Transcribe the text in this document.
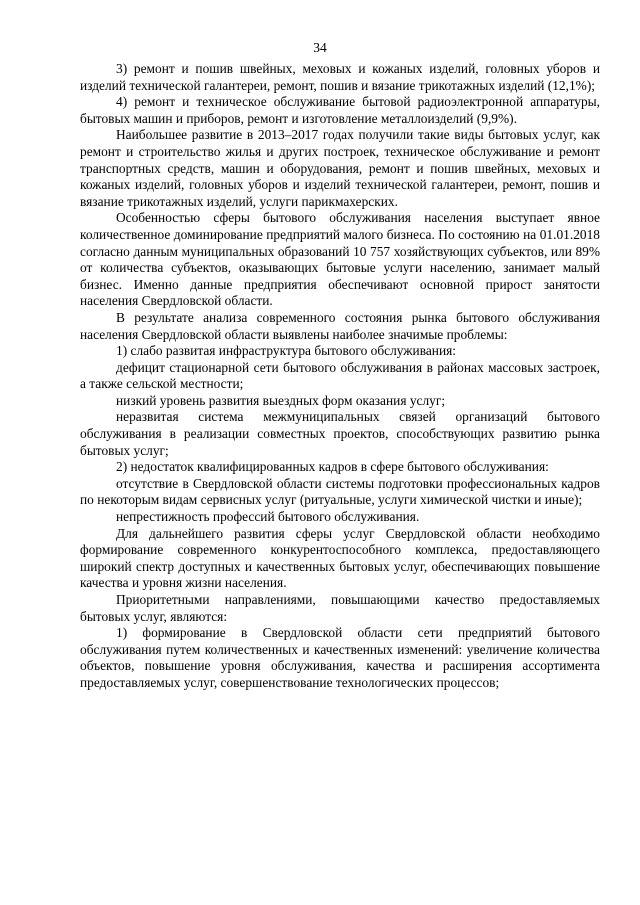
34

3) ремонт и пошив швейных, меховых и кожаных изделий, головных уборов и изделий технической галантереи, ремонт, пошив и вязание трикотажных изделий (12,1%);

4) ремонт и техническое обслуживание бытовой радиоэлектронной аппаратуры, бытовых машин и приборов, ремонт и изготовление металлоизделий (9,9%).

Наибольшее развитие в 2013–2017 годах получили такие виды бытовых услуг, как ремонт и строительство жилья и других построек, техническое обслуживание и ремонт транспортных средств, машин и оборудования, ремонт и пошив швейных, меховых и кожаных изделий, головных уборов и изделий технической галантереи, ремонт, пошив и вязание трикотажных изделий, услуги парикмахерских.

Особенностью сферы бытового обслуживания населения выступает явное количественное доминирование предприятий малого бизнеса. По состоянию на 01.01.2018 согласно данным муниципальных образований 10 757 хозяйствующих субъектов, или 89% от количества субъектов, оказывающих бытовые услуги населению, занимает малый бизнес. Именно данные предприятия обеспечивают основной прирост занятости населения Свердловской области.

В результате анализа современного состояния рынка бытового обслуживания населения Свердловской области выявлены наиболее значимые проблемы:

1) слабо развитая инфраструктура бытового обслуживания:

дефицит стационарной сети бытового обслуживания в районах массовых застроек, а также сельской местности;

низкий уровень развития выездных форм оказания услуг;

неразвитая система межмуниципальных связей организаций бытового обслуживания в реализации совместных проектов, способствующих развитию рынка бытовых услуг;

2) недостаток квалифицированных кадров в сфере бытового обслуживания:

отсутствие в Свердловской области системы подготовки профессиональных кадров по некоторым видам сервисных услуг (ритуальные, услуги химической чистки и иные);

непрестижность профессий бытового обслуживания.

Для дальнейшего развития сферы услуг Свердловской области необходимо формирование современного конкурентоспособного комплекса, предоставляющего широкий спектр доступных и качественных бытовых услуг, обеспечивающих повышение качества и уровня жизни населения.

Приоритетными направлениями, повышающими качество предоставляемых бытовых услуг, являются:

1) формирование в Свердловской области сети предприятий бытового обслуживания путем количественных и качественных изменений: увеличение количества объектов, повышение уровня обслуживания, качества и расширения ассортимента предоставляемых услуг, совершенствование технологических процессов;
